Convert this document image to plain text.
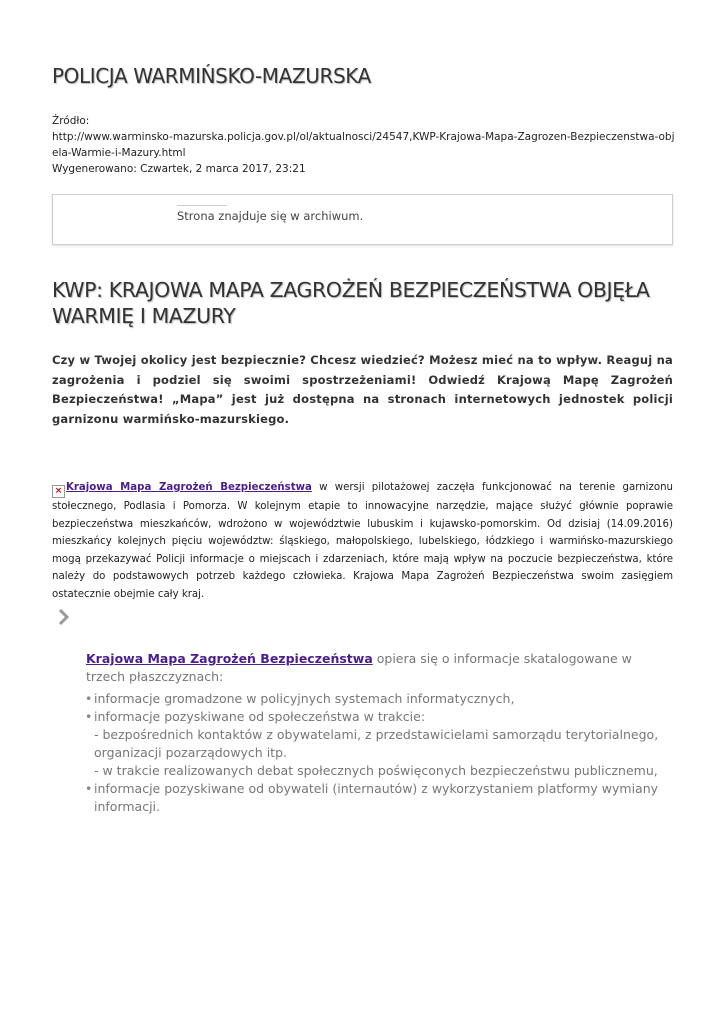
POLICJA WARMIŃSKO-MAZURSKA
Źródło:
http://www.warminsko-mazurska.policja.gov.pl/ol/aktualnosci/24547,KWP-Krajowa-Mapa-Zagrozen-Bezpieczenstwa-objela-Warmie-i-Mazury.html
Wygenerowano: Czwartek, 2 marca 2017, 23:21
Strona znajduje się w archiwum.
KWP: KRAJOWA MAPA ZAGROŻEŃ BEZPIECZEŃSTWA OBJĘŁA WARMIĘ I MAZURY

Czy w Twojej okolicy jest bezpiecznie? Chcesz wiedzieć? Możesz mieć na to wpływ. Reaguj na zagrożenia i podziel się swoimi spostrzeżeniami! Odwiedź Krajową Mapę Zagrożeń Bezpieczeństwa! „Mapa” jest już dostępna na stronach internetowych jednostek policji garnizonu warmińsko-mazurskiego.

× Krajowa Mapa Zagrożeń Bezpieczeństwa w wersji pilotażowej zaczęła funkcjonować na terenie garnizonu stołecznego, Podlasia i Pomorza. W kolejnym etapie to innowacyjne narzędzie, mające służyć głównie poprawie bezpieczeństwa mieszkańców, wdrożono w województwie lubuskim i kujawsko-pomorskim. Od dzisiaj (14.09.2016) mieszkańcy kolejnych pięciu województw: śląskiego, małopolskiego, lubelskiego, łódzkiego i warmińsko-mazurskiego mogą przekazywać Policji informacje o miejscach i zdarzeniach, które mają wpływ na poczucie bezpieczeństwa, które należy do podstawowych potrzeb każdego człowieka. Krajowa Mapa Zagrożeń Bezpieczeństwa swoim zasięgiem ostatecznie obejmie cały kraj.

Krajowa Mapa Zagrożeń Bezpieczeństwa opiera się o informacje skatalogowane w trzech płaszczyznach:

• informacje gromadzone w policyjnych systemach informatycznych,
• informacje pozyskiwane od społeczeństwa w trakcie:
- bezpośrednich kontaktów z obywatelami, z przedstawicielami samorządu terytorialnego, organizacji pozarządowych itp.
- w trakcie realizowanych debat społecznych poświęconych bezpieczeństwu publicznemu,
• informacje pozyskiwane od obywateli (internautów) z wykorzystaniem platformy wymiany informacji.
